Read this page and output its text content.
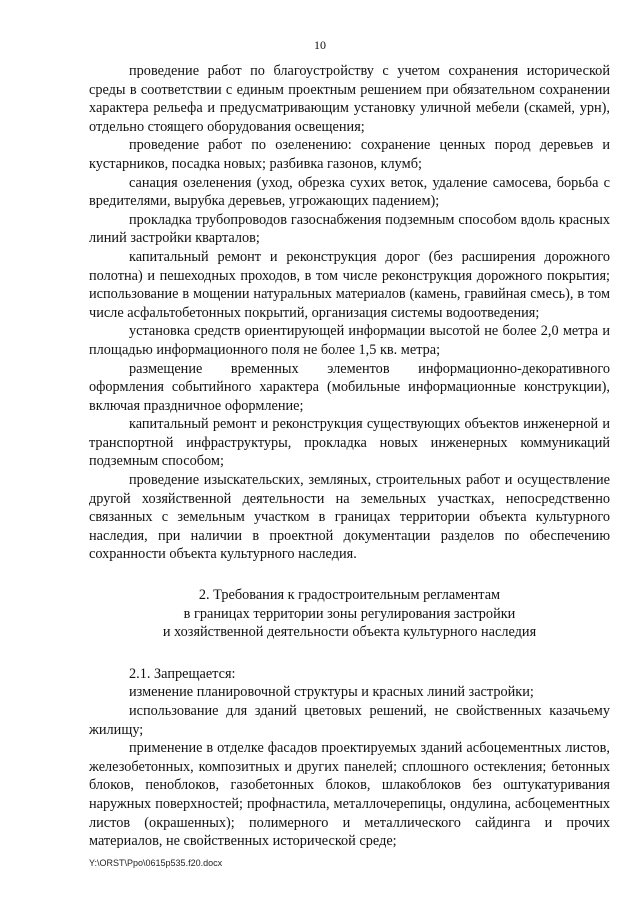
10

проведение работ по благоустройству с учетом сохранения исторической среды в соответствии с единым проектным решением при обязательном сохранении характера рельефа и предусматривающим установку уличной мебели (скамей, урн), отдельно стоящего оборудования освещения;

проведение работ по озеленению: сохранение ценных пород деревьев и кустарников, посадка новых; разбивка газонов, клумб;

санация озеленения (уход, обрезка сухих веток, удаление самосева, борьба с вредителями, вырубка деревьев, угрожающих падением);

прокладка трубопроводов газоснабжения подземным способом вдоль красных линий застройки кварталов;

капитальный ремонт и реконструкция дорог (без расширения дорожного полотна) и пешеходных проходов, в том числе реконструкция дорожного покрытия; использование в мощении натуральных материалов (камень, гравийная смесь), в том числе асфальтобетонных покрытий, организация системы водоотведения;

установка средств ориентирующей информации высотой не более 2,0 метра и площадью информационного поля не более 1,5 кв. метра;

размещение временных элементов информационно-декоративного оформления событийного характера (мобильные информационные конструкции), включая праздничное оформление;

капитальный ремонт и реконструкция существующих объектов инженерной и транспортной инфраструктуры, прокладка новых инженерных коммуникаций подземным способом;

проведение изыскательских, земляных, строительных работ и осуществление другой хозяйственной деятельности на земельных участках, непосредственно связанных с земельным участком в границах территории объекта культурного наследия, при наличии в проектной документации разделов по обеспечению сохранности объекта культурного наследия.

2. Требования к градостроительным регламентам
в границах территории зоны регулирования застройки
и хозяйственной деятельности объекта культурного наследия

2.1. Запрещается:

изменение планировочной структуры и красных линий застройки;

использование для зданий цветовых решений, не свойственных казачьему жилищу;

применение в отделке фасадов проектируемых зданий асбоцементных листов, железобетонных, композитных и других панелей; сплошного остекления; бетонных блоков, пеноблоков, газобетонных блоков, шлакоблоков без оштукатуривания наружных поверхностей; профнастила, металлочерепицы, ондулина, асбоцементных листов (окрашенных); полимерного и металлического сайдинга и прочих материалов, не свойственных исторической среде;

Y:\ORST\Ppo\0615p535.f20.docx
